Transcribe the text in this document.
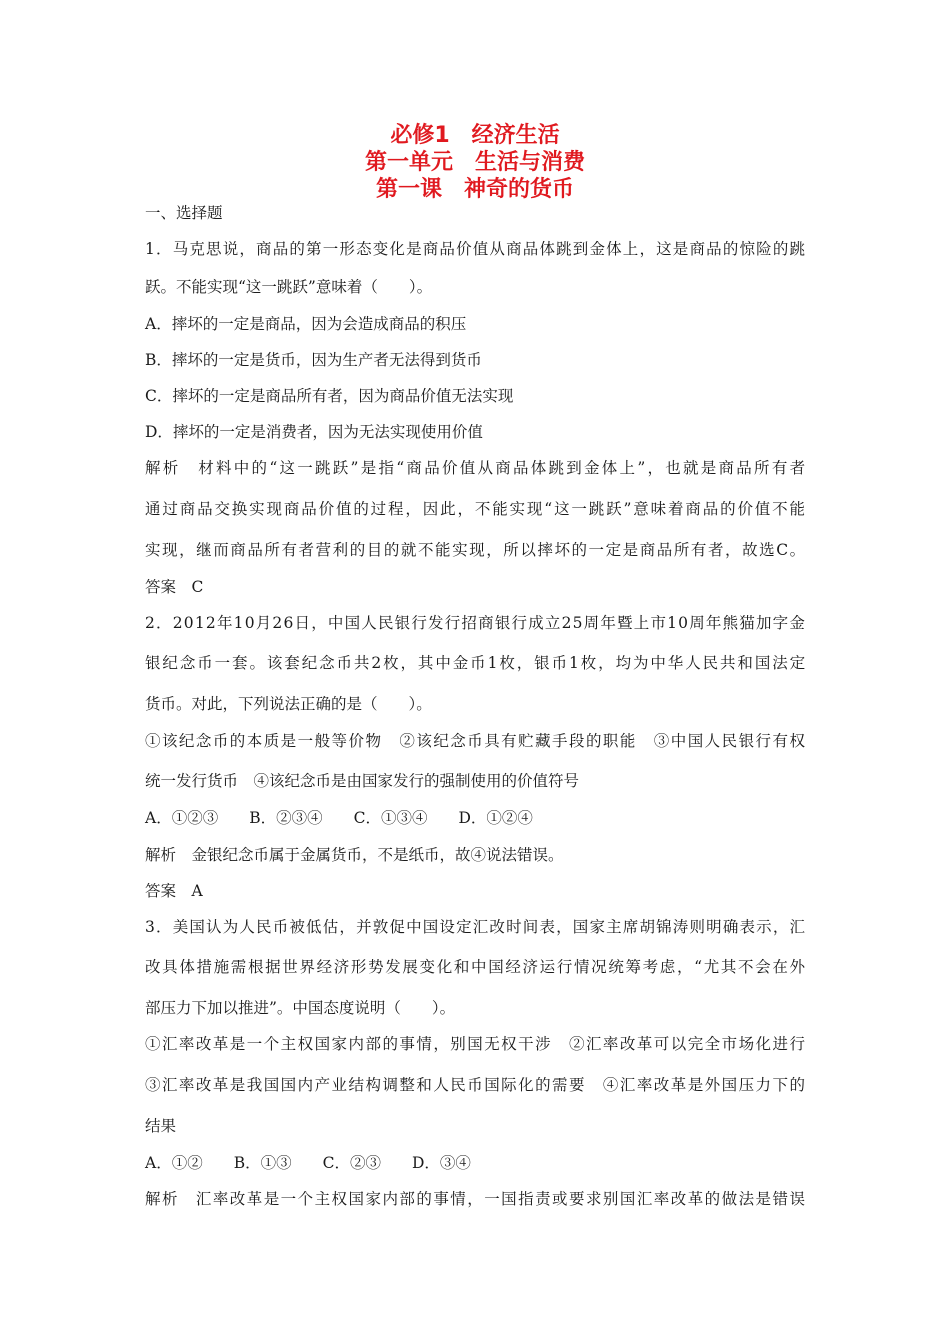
必修1　经济生活
第一单元　生活与消费
第一课　神奇的货币
一、选择题
1．马克思说，商品的第一形态变化是商品价值从商品体跳到金体上，这是商品的惊险的跳
跃。不能实现“这一跳跃”意味着（　　）。
A．摔坏的一定是商品，因为会造成商品的积压
B．摔坏的一定是货币，因为生产者无法得到货币
C．摔坏的一定是商品所有者，因为商品价值无法实现
D．摔坏的一定是消费者，因为无法实现使用价值
解析　材料中的“这一跳跃”是指“商品价值从商品体跳到金体上”，也就是商品所有者
通过商品交换实现商品价值的过程，因此，不能实现“这一跳跃”意味着商品的价值不能
实现，继而商品所有者营利的目的就不能实现，所以摔坏的一定是商品所有者，故选C。
答案　C
2．2012年10月26日，中国人民银行发行招商银行成立25周年暨上市10周年熊猫加字金
银纪念币一套。该套纪念币共2枚，其中金币1枚，银币1枚，均为中华人民共和国法定
货币。对此，下列说法正确的是（　　）。
①该纪念币的本质是一般等价物　②该纪念币具有贮藏手段的职能　③中国人民银行有权
统一发行货币　④该纪念币是由国家发行的强制使用的价值符号
A．①②③　　B．②③④　　C．①③④　　D．①②④
解析　金银纪念币属于金属货币，不是纸币，故④说法错误。
答案　A
3．美国认为人民币被低估，并敦促中国设定汇改时间表，国家主席胡锦涛则明确表示，汇
改具体措施需根据世界经济形势发展变化和中国经济运行情况统筹考虑，“尤其不会在外
部压力下加以推进”。中国态度说明（　　）。
①汇率改革是一个主权国家内部的事情，别国无权干涉　②汇率改革可以完全市场化进行
③汇率改革是我国国内产业结构调整和人民币国际化的需要　④汇率改革是外国压力下的
结果
A．①②　　B．①③　　C．②③　　D．③④
解析　汇率改革是一个主权国家内部的事情，一国指责或要求别国汇率改革的做法是错误
